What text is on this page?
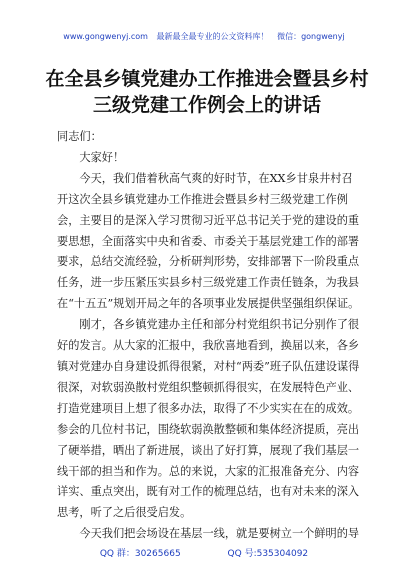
www.gongwenyj.com 最新最全最专业的公文资料库！ 微信：gongwenyj
在全县乡镇党建办工作推进会暨县乡村三级党建工作例会上的讲话

同志们：

大家好！

今天，我们借着秋高气爽的好时节，在XX乡甘泉井村召开这次全县乡镇党建办工作推进会暨县乡村三级党建工作例会，主要目的是深入学习贯彻习近平总书记关于党的建设的重要思想，全面落实中央和省委、市委关于基层党建工作的部署要求，总结交流经验，分析研判形势，安排部署下一阶段重点任务，进一步压紧压实县乡村三级党建工作责任链条，为我县在“十五五”规划开局之年的各项事业发展提供坚强组织保证。

刚才，各乡镇党建办主任和部分村党组织书记分别作了很好的发言。从大家的汇报中，我欣喜地看到，换届以来，各乡镇对党建办自身建设抓得很紧，对村“两委”班子队伍建设谋得很深，对软弱涣散村党组织整顿抓得很实，在发展特色产业、打造党建项目上想了很多办法，取得了不少实实在在的成效。参会的几位村书记，围绕软弱涣散整顿和集体经济提质，亮出了硬举措，晒出了新进展，谈出了好打算，展现了我们基层一线干部的担当和作为。总的来说，大家的汇报准备充分、内容详实、重点突出，既有对工作的梳理总结，也有对未来的深入思考，听了之后很受启发。

今天我们把会场设在基层一线，就是要树立一个鲜明的导

QQ 群：30265665	QQ 号:535304092
